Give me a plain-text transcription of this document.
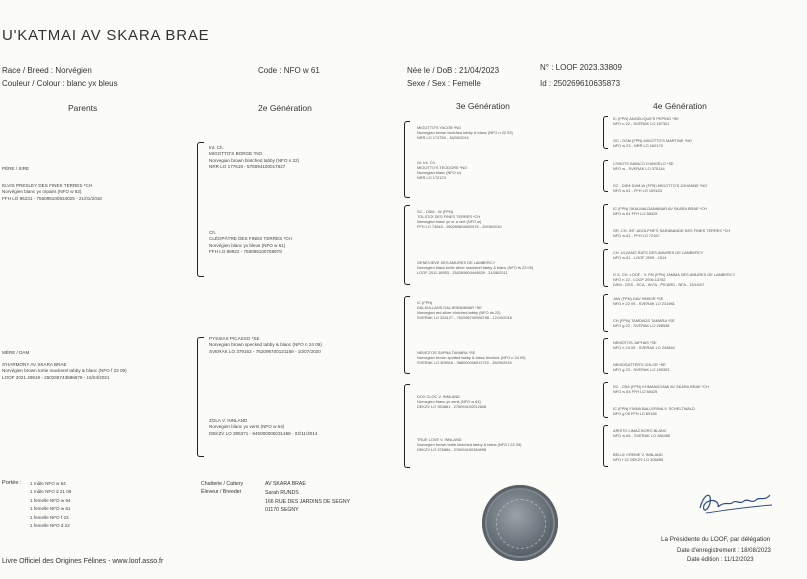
U'KATMAI AV SKARA BRAE
Race / Breed : Norvégien
Couleur / Colour : blanc yx bleus
Code : NFO w 61	Née le / DoB : 21/04/2023
Sexe / Sex : Femelle
N° : LOOF 2023.33809
Id : 250269610635873
Parents	2e Génération	3e Génération	4e Génération
PÈRE / SIRE
ELVIS PRESLEY DES FINES TERRES *CH
Norvégien blanc yx orpairs (NFO w 63)
FFH LO 95231 - 756098100834025 - 21/01/2018
MÈRE / DAM
S'HARMONY AV SKARA BRAE
Norvégien brown tortie mackerel tabby & blanc (NFO f 23 09)
LOOF 2021.49918 - 250268743686679 - 15/04/2021
Int. Ch.
MIGOTTO'S BORGE *NO
Norvegian brown blotched tabby (NFO n 22)
NRR LO 177619 - 578094100017627
Ch.
CLÉOPÂTRE DES FINES TERRES *CH
Norvégien blanc yx bleus (NFO w 61)
FFH LO 89922 - 756098100758978
PYSSIAS PICASSO *SE
Norvegian brown specked tabby & blanc (NFO n 24 09)
SVERAK LO 379162 - 752096700131169 - 10/07/2020
ZOLA V. INNLAND
Norvegien blanc yx verts (NFO w 64)
DEKZV LO 385371 - 945000005031458 - 02/11/2014
MIGOTTO'S YACOB *NO
Norvegian brown blotched tabby & blanc (NFO n 22 09)
NRR LO 174759 - 18/05/2014
Gr. Int. Ch.
MIGOTTO'S TEODORE *NO
Norvegian blanc (NFO w)
NRR LO 172123
SC - DSM - W (FPN)
TOLSTOÏ DES FINES TERRES *CH
Norvegian blanc yx or a vert (NFO w)
FFH LO 74945 - 250269604802976 - 20/08/2010
GENEVIEVE DES AMURES DE LAMBERCY
Norvegien black tortie silver mackerel tabby & blanc (NFO fs 23 09)
LOOF 2011.18953 - 250269604449639 - 31/08/2011
IC (FPN)
DALKULLANS DALJENNIMMAR *SE
Norvegian red silver blotched tabby (NFO ds 22)
SVERAK LO 334127 - 752096700058798 - 12/10/2016
NEMOTOS SAPNA TAMARA *SE
Norvegian brown spotted tabby & blanc bicolore (NFO n 24 09)
SVERAK LO 305916 - 968000006911715 - 25/09/2015
DOX CLOC V. INNLAND
Norvegien blanc yx verts (NFO w 64)
DEKZV LO 353881 - 276094100012608
TRUE LOVE V. INNLAND
Norvegien brown tortie blotched tabby & blanc (NFO f 22 09)
DEKZV LO 376884 - 276094100184998
IC (FPN) ANGELIQUE'S PEPINO *SE
NFO n 22 - SVERAK LO 187321
GC - DSM (FPN) MIGOTTO'S MARTINE *NO
NFO w 23 - NRR LO 162179
CYBOTS BIANCO D'ANGELO *SE
NFO w - SVERAK LO 375144
SC - DSM DVM-W (FPN) MIGOTTO'S JOHANNE *NO
NFO w 61 - FFH LO 159183
IC (FPN) SKALMALDANNMAR AV SKARA BRAE *CH
NFO w 61 FFH LO 58425
GR. CH. INT. ADOLPHE'S SARABANDE DES FINES TERRES *CH
NFO w 61 - FFH LO 72167
CH. ULZANO RATS DES AMURES DE LAMBERCY
NFO w 61 - LOOF 2009 - 1514
G.S. CH. LOOF - V. FM (FPN) JAMMA DES AMURES DE LAMBERCY
NFO n 22 - LOOF 2006.13782
DSM - DSS - SCA - W.FA - PICARD - NFA - 15/10/07
JAN (FPN) DAV HEBOR *SE
NFO e 22 09 - SVERAK LO 231981
CH (FPN) TAMDAGS TAMARA *SE
NFO g 22 - SVERAK LO 298538
NEMOTOS JAPHAS *SE
NFO n 24 09 - SVERAK LO 243840
NEMOGATTER'S CHLOE *SE
NFO g 23 - SVERAK LO 199303
SC - DSA (FPN) KOMANDOAMI AV SKARA BRAE *CH
NFO w 64 FFH LO 58425
IC (FPN) FINNA BALLERINA V. SCHELTWALD
NFO g 09 FFH LO 89158
ARISTO LIMAZ BORO BLANC
NFO w 64 - SVERAK LO 268455
BELLE CREME V. INNLAND
NFO f 22 DEKZV LO 306665
Portée : 1 mâle NFO w 64
1 mâle NFO d 21 09
1 femelle NFO w 64
1 femelle NFO w 61
1 femelle NFO f 23
1 femelle NFO d 22
Chatterie / Cattery	AV SKARA BRAE
Éleveur / Breeder	Sarah RUNDS
166 RUE DES JARDINS DE SEGNY
01170 SEGNY
La Présidente du LOOF, par délégation
Date d'enregistrement : 18/08/2023
Date édition : 11/12/2023
Livre Officiel des Origines Félines - www.loof.asso.fr
